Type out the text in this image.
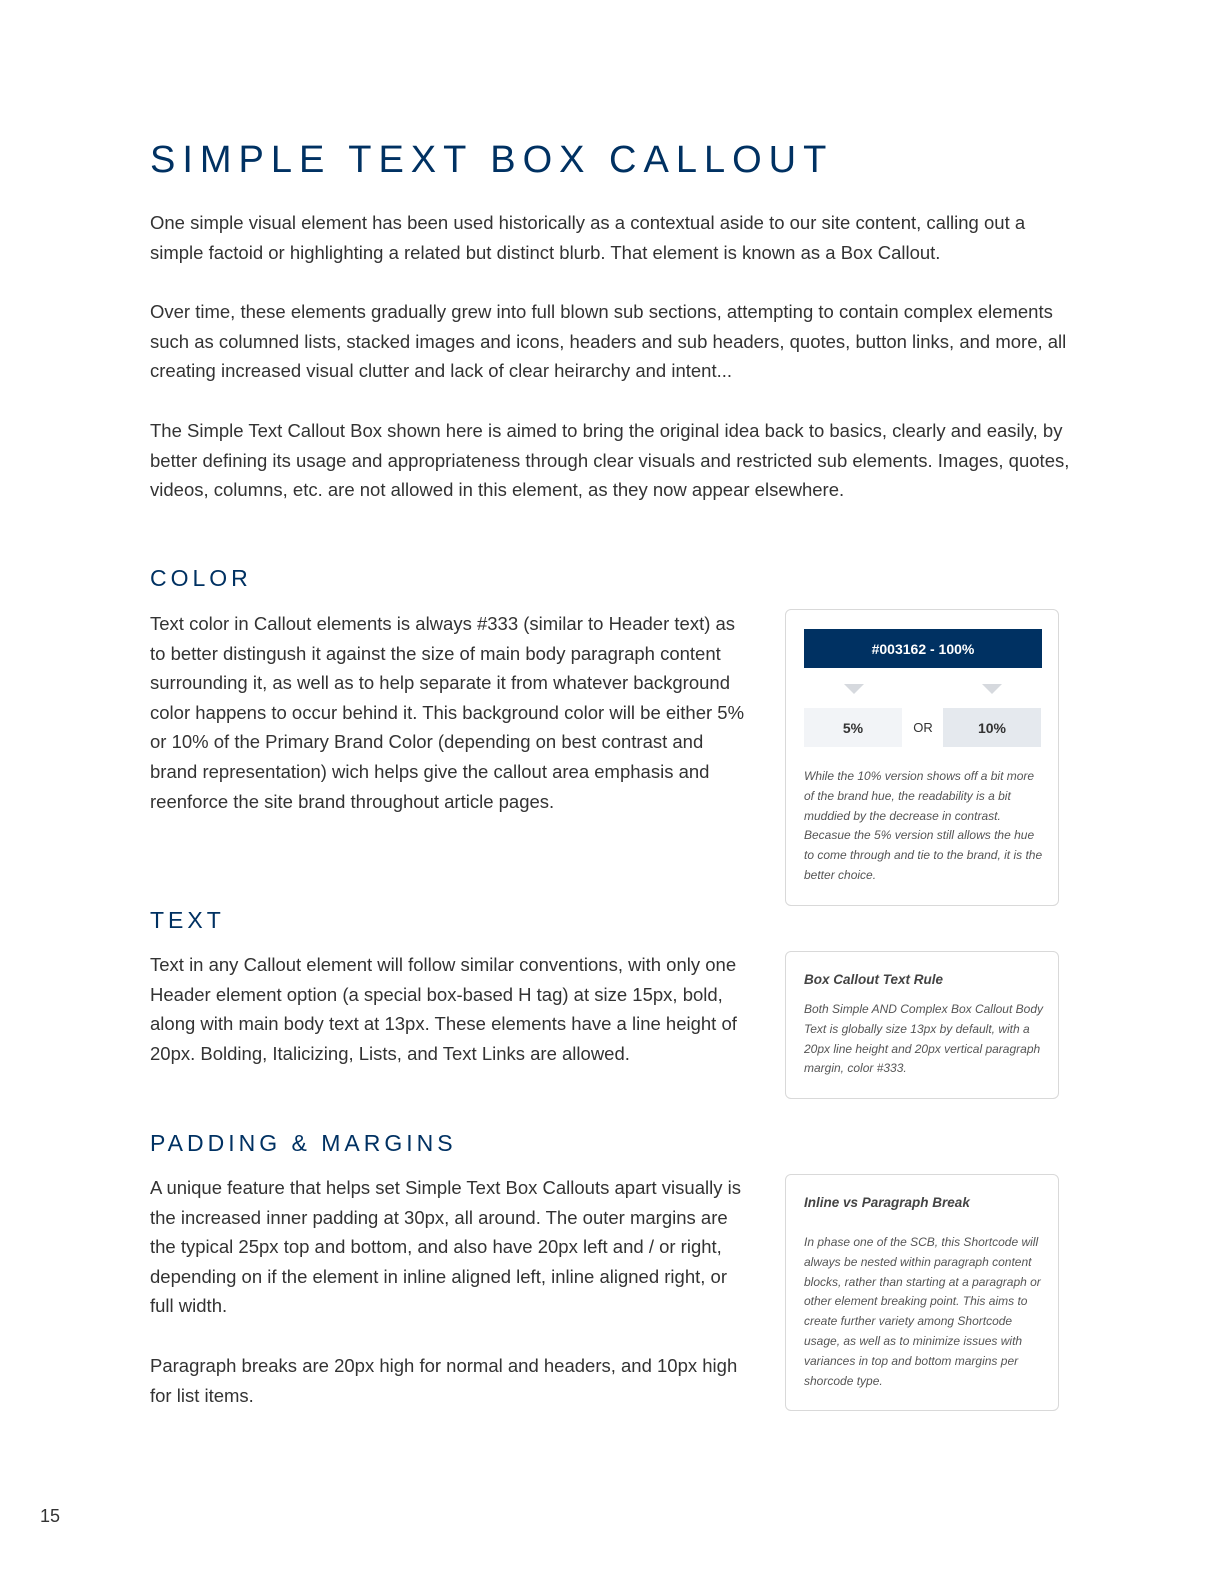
SIMPLE TEXT BOX CALLOUT

One simple visual element has been used historically as a contextual aside to our site content, calling out a simple factoid or highlighting a related but distinct blurb. That element is known as a Box Callout.

Over time, these elements gradually grew into full blown sub sections, attempting to contain complex elements such as columned lists, stacked images and icons, headers and sub headers, quotes, button links, and more, all creating increased visual clutter and lack of clear heirarchy and intent...

The Simple Text Callout Box shown here is aimed to bring the original idea back to basics, clearly and easily, by better defining its usage and appropriateness through clear visuals and restricted sub elements. Images, quotes, videos, columns, etc. are not allowed in this element, as they now appear elsewhere.

COLOR

Text color in Callout elements is always #333 (similar to Header text) as to better distingush it against the size of main body paragraph content surrounding it, as well as to help separate it from whatever background color happens to occur behind it. This background color will be either 5% or 10% of the Primary Brand Color (depending on best contrast and brand representation) wich helps give the callout area emphasis and reenforce the site brand throughout article pages.

#003162 - 100%
5%	OR	10%

While the 10% version shows off a bit more of the brand hue, the readability is a bit muddied by the decrease in contrast. Becasue the 5% version still allows the hue to come through and tie to the brand, it is the better choice.

TEXT

Text in any Callout element will follow similar conventions, with only one Header element option (a special box-based H tag) at size 15px, bold, along with main body text at 13px. These elements have a line height of 20px. Bolding, Italicizing, Lists, and Text Links are allowed.

Box Callout Text Rule

Both Simple AND Complex Box Callout Body Text is globally size 13px by default, with a 20px line height and 20px vertical paragraph margin, color #333.

PADDING & MARGINS

A unique feature that helps set Simple Text Box Callouts apart visually is the increased inner padding at 30px, all around. The outer margins are the typical 25px top and bottom, and also have 20px left and / or right, depending on if the element in inline aligned left, inline aligned right, or full width.

Paragraph breaks are 20px high for normal and headers, and 10px high for list items.

Inline vs Paragraph Break

In phase one of the SCB, this Shortcode will always be nested within paragraph content blocks, rather than starting at a paragraph or other element breaking point. This aims to create further variety among Shortcode usage, as well as to minimize issues with variances in top and bottom margins per shorcode type.

15
